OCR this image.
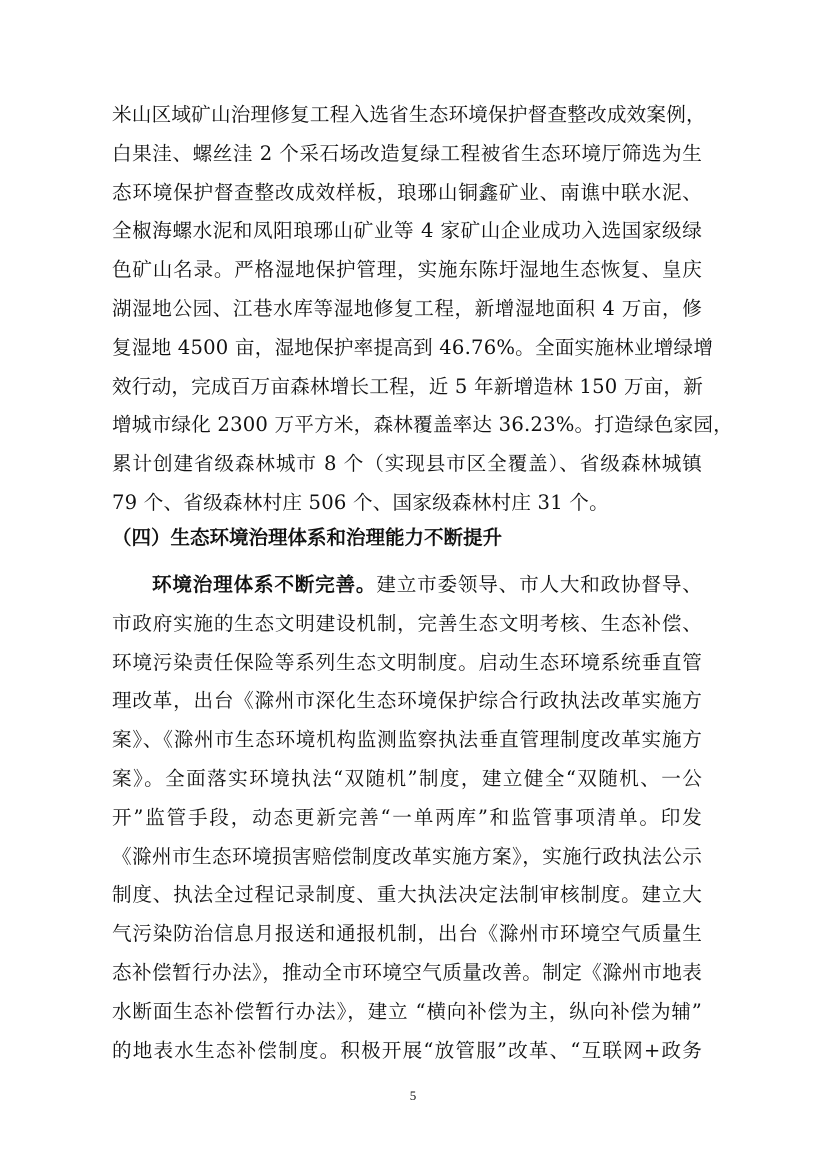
米山区域矿山治理修复工程入选省生态环境保护督查整改成效案例，
白果洼、螺丝洼 2 个采石场改造复绿工程被省生态环境厅筛选为生
态环境保护督查整改成效样板，琅琊山铜鑫矿业、南谯中联水泥、
全椒海螺水泥和凤阳琅琊山矿业等 4 家矿山企业成功入选国家级绿
色矿山名录。严格湿地保护管理，实施东陈圩湿地生态恢复、皇庆
湖湿地公园、江巷水库等湿地修复工程，新增湿地面积 4 万亩，修
复湿地 4500 亩，湿地保护率提高到 46.76%。全面实施林业增绿增
效行动，完成百万亩森林增长工程，近 5 年新增造林 150 万亩，新
增城市绿化 2300 万平方米，森林覆盖率达 36.23%。打造绿色家园，
累计创建省级森林城市 8 个（实现县市区全覆盖）、省级森林城镇
79 个、省级森林村庄 506 个、国家级森林村庄 31 个。
（四）生态环境治理体系和治理能力不断提升
环境治理体系不断完善。建立市委领导、市人大和政协督导、
市政府实施的生态文明建设机制，完善生态文明考核、生态补偿、
环境污染责任保险等系列生态文明制度。启动生态环境系统垂直管
理改革，出台《滁州市深化生态环境保护综合行政执法改革实施方
案》、《滁州市生态环境机构监测监察执法垂直管理制度改革实施方
案》。全面落实环境执法“双随机”制度，建立健全“双随机、一公
开”监管手段，动态更新完善“一单两库”和监管事项清单。印发
《滁州市生态环境损害赔偿制度改革实施方案》，实施行政执法公示
制度、执法全过程记录制度、重大执法决定法制审核制度。建立大
气污染防治信息月报送和通报机制，出台《滁州市环境空气质量生
态补偿暂行办法》，推动全市环境空气质量改善。制定《滁州市地表
水断面生态补偿暂行办法》，建立 “横向补偿为主，纵向补偿为辅”
的地表水生态补偿制度。积极开展“放管服”改革、“互联网+政务
5
